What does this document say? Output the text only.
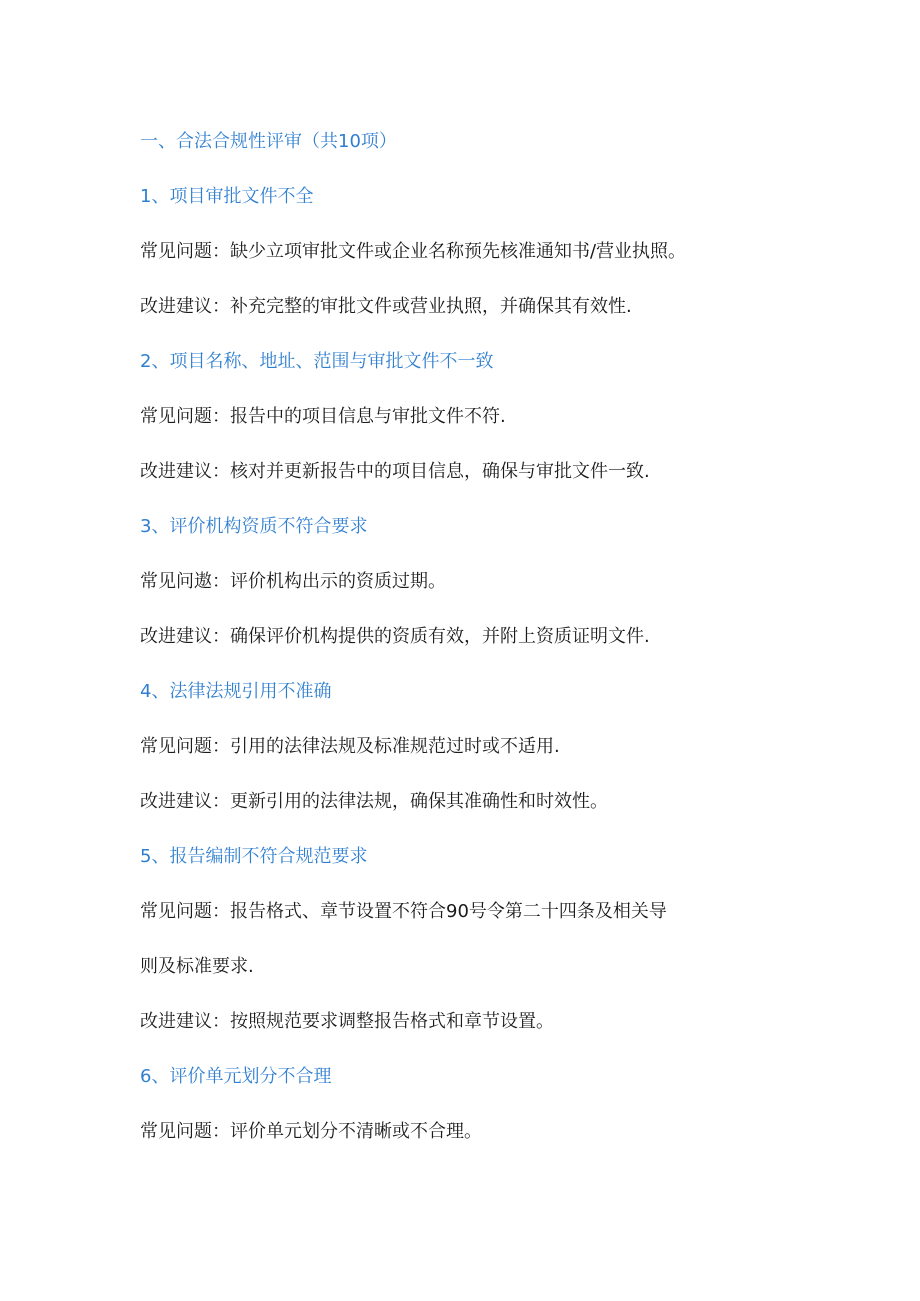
一、合法合规性评审（共10项）
1、项目审批文件不全
常见问题：缺少立项审批文件或企业名称预先核准通知书/营业执照。
改进建议：补充完整的审批文件或营业执照，并确保其有效性.
2、项目名称、地址、范围与审批文件不一致
常见问题：报告中的项目信息与审批文件不符.
改进建议：核对并更新报告中的项目信息，确保与审批文件一致.
3、评价机构资质不符合要求
常见问遨：评价机构出示的资质过期。
改进建议：确保评价机构提供的资质有效，并附上资质证明文件.
4、法律法规引用不准确
常见问题：引用的法律法规及标准规范过时或不适用.
改进建议：更新引用的法律法规，确保其准确性和时效性。
5、报告编制不符合规范要求
常见问题：报告格式、章节设置不符合90号令第二十四条及相关导
则及标准要求.
改进建议：按照规范要求调整报告格式和章节设置。
6、评价单元划分不合理
常见问题：评价单元划分不清晰或不合理。
